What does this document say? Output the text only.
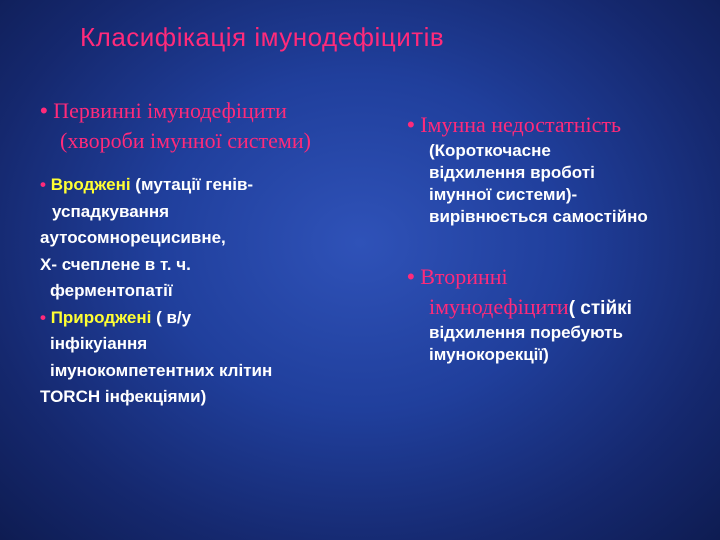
Класифікація імунодефіцитів
• Первинні імунодефіцити
(хвороби імунної системи)
• Вроджені (мутації генів-
успадкування
аутосомнорецисивне,
Х- счеплене в т. ч.
ферментопатії
• Природжені ( в/у
інфікуіання
імунокомпетентних клітин
TORCH інфекціями)
• Імунна недостатність
(Короткочасне
відхилення вроботі
імунної системи)-
вирівнюється самостійно
• Вторинні
імунодефіцити( стійкі
відхилення поребують
імунокорекції)
